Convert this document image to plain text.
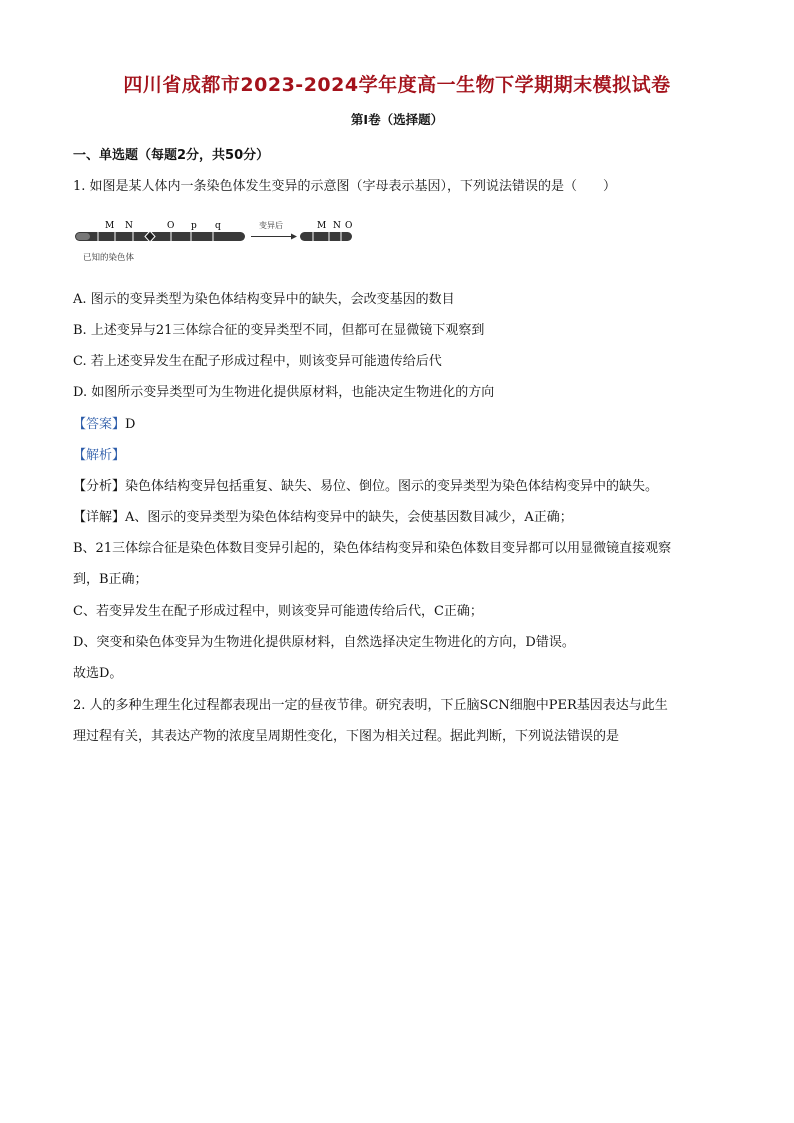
四川省成都市2023-2024学年度高一生物下学期期末模拟试卷
第Ⅰ卷（选择题）
一、单选题（每题2分，共50分）
1. 如图是某人体内一条染色体发生变异的示意图（字母表示基因），下列说法错误的是（　　）
M N	O p q	变异后	M N O
已知的染色体
A. 图示的变异类型为染色体结构变异中的缺失，会改变基因的数目
B. 上述变异与21三体综合征的变异类型不同，但都可在显微镜下观察到
C. 若上述变异发生在配子形成过程中，则该变异可能遗传给后代
D. 如图所示变异类型可为生物进化提供原材料，也能决定生物进化的方向
【答案】D
【解析】
【分析】染色体结构变异包括重复、缺失、易位、倒位。图示的变异类型为染色体结构变异中的缺失。
【详解】A、图示的变异类型为染色体结构变异中的缺失，会使基因数目减少，A正确；
B、21三体综合征是染色体数目变异引起的，染色体结构变异和染色体数目变异都可以用显微镜直接观察
到，B正确；
C、若变异发生在配子形成过程中，则该变异可能遗传给后代，C正确；
D、突变和染色体变异为生物进化提供原材料，自然选择决定生物进化的方向，D错误。
故选D。
2. 人的多种生理生化过程都表现出一定的昼夜节律。研究表明，下丘脑SCN细胞中PER基因表达与此生
理过程有关，其表达产物的浓度呈周期性变化，下图为相关过程。据此判断，下列说法错误的是
